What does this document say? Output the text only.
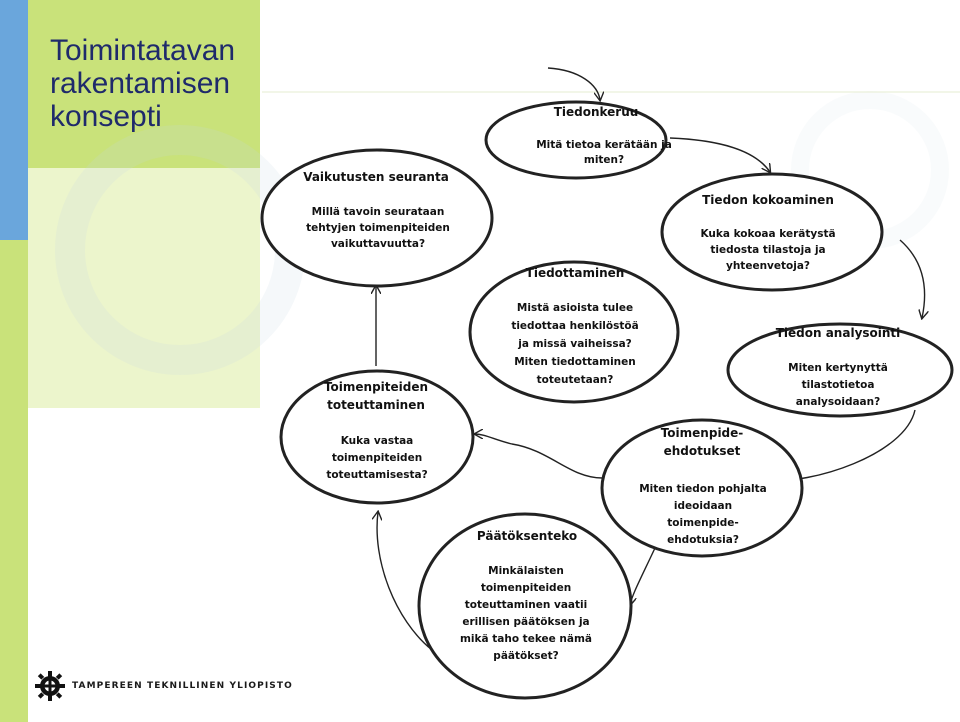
Toimintatavan
rakentamisen
konsepti	Tiedonkeruu
Mitä tietoa kerätään ja
miten?
Tiedon kokoaminen
Kuka kokoaa kerätystä
tiedosta tilastoja ja
yhteenvetoja?
Tiedon analysointi
Miten kertynyttä
tilastotietoa
analysoidaan?
Toimenpide-
ehdotukset
Miten tiedon pohjalta
ideoidaan
toimenpide-
ehdotuksia?
Päätöksenteko
Minkälaisten
toimenpiteiden
toteuttaminen vaatii
erillisen päätöksen ja
mikä taho tekee nämä
päätökset?
Toimenpiteiden
toteuttaminen
Kuka vastaa
toimenpiteiden
toteuttamisesta?
Vaikutusten seuranta
Millä tavoin seurataan
tehtyjen toimenpiteiden
vaikuttavuutta?
Tiedottaminen
Mistä asioista tulee
tiedottaa henkilöstöä
ja missä vaiheissa?
Miten tiedottaminen
toteutetaan?
TAMPEREEN TEKNILLINEN YLIOPISTO
